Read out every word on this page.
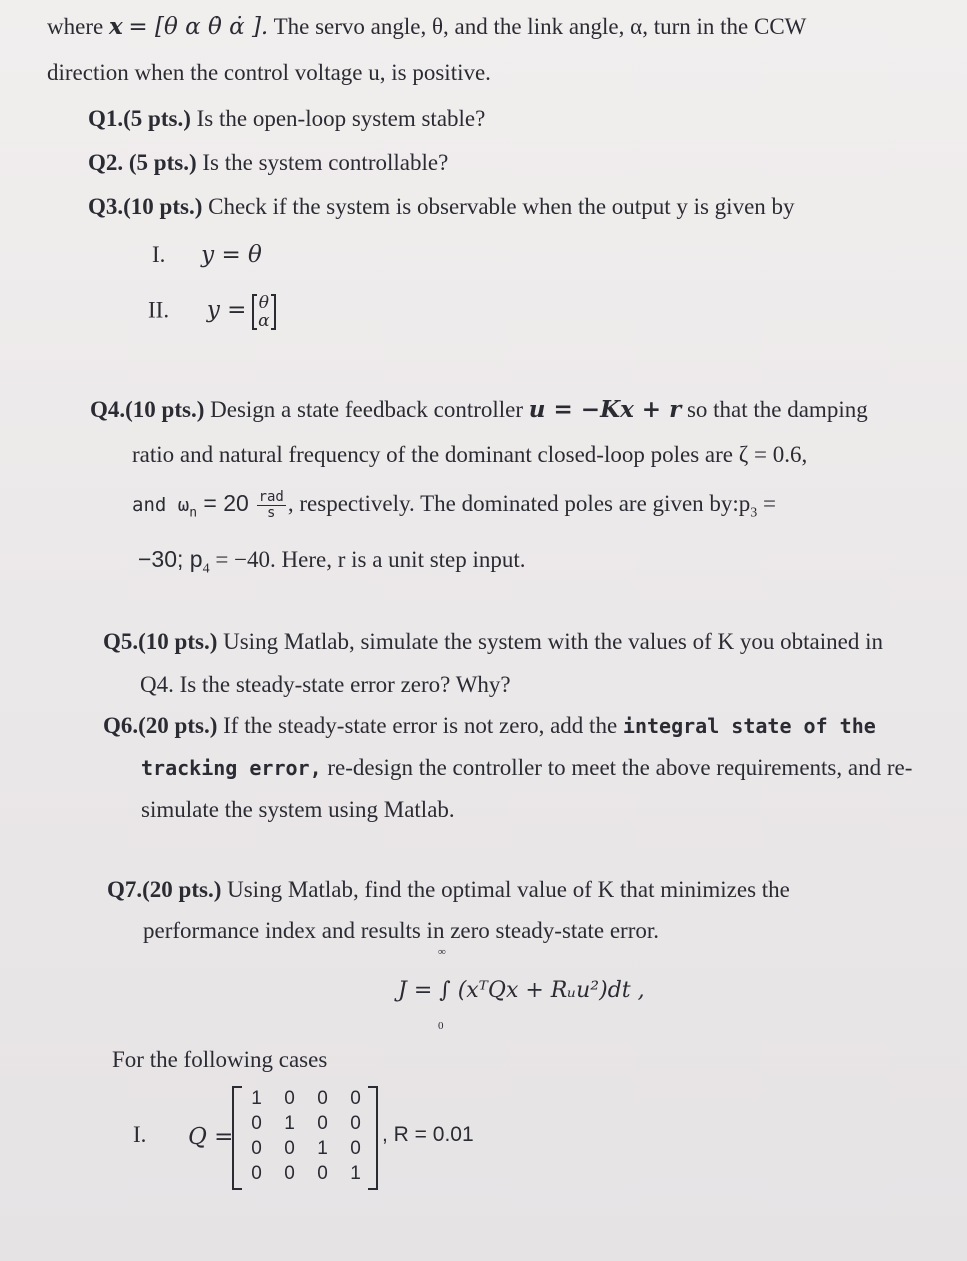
where x = [θ α θ̇ α̇ ]. The servo angle, θ, and the link angle, α, turn in the CCW
direction when the control voltage u, is positive.
Q1.(5 pts.) Is the open-loop system stable?
Q2. (5 pts.) Is the system controllable?
Q3.(10 pts.) Check if the system is observable when the output y is given by
I. y = θ
II. y = θ
α
Q4.(10 pts.) Design a state feedback controller u = −Kx + r so that the damping
ratio and natural frequency of the dominant closed-loop poles are ζ = 0.6,
and $\omega_n = 20 \frac{\text{rad}}{s}$ , respectively. The dominated poles are given $by:p_3$ =
−30; $p_4 = -40$. Here, r is a unit step input.
Q5.(10 pts.) Using Matlab, simulate the system with the values of K you obtained in
Q4. Is the steady-state error zero? Why?
Q6.(20 pts.) If the steady-state error is not zero, add the integral state of the
tracking error, re-design the controller to meet the above requirements, and re-
simulate the system using Matlab.
Q7.(20 pts.) Using Matlab, find the optimal value of K that minimizes the
performance index and results in zero steady-state error.
∞
0
J = ∫ (xᵀQx + Rᵤu²)dt ,
For the following cases
I. Q =
1	0	0	0
0	1	0	0
0	0	1	0
0	0	0	1
, R = 0.01
